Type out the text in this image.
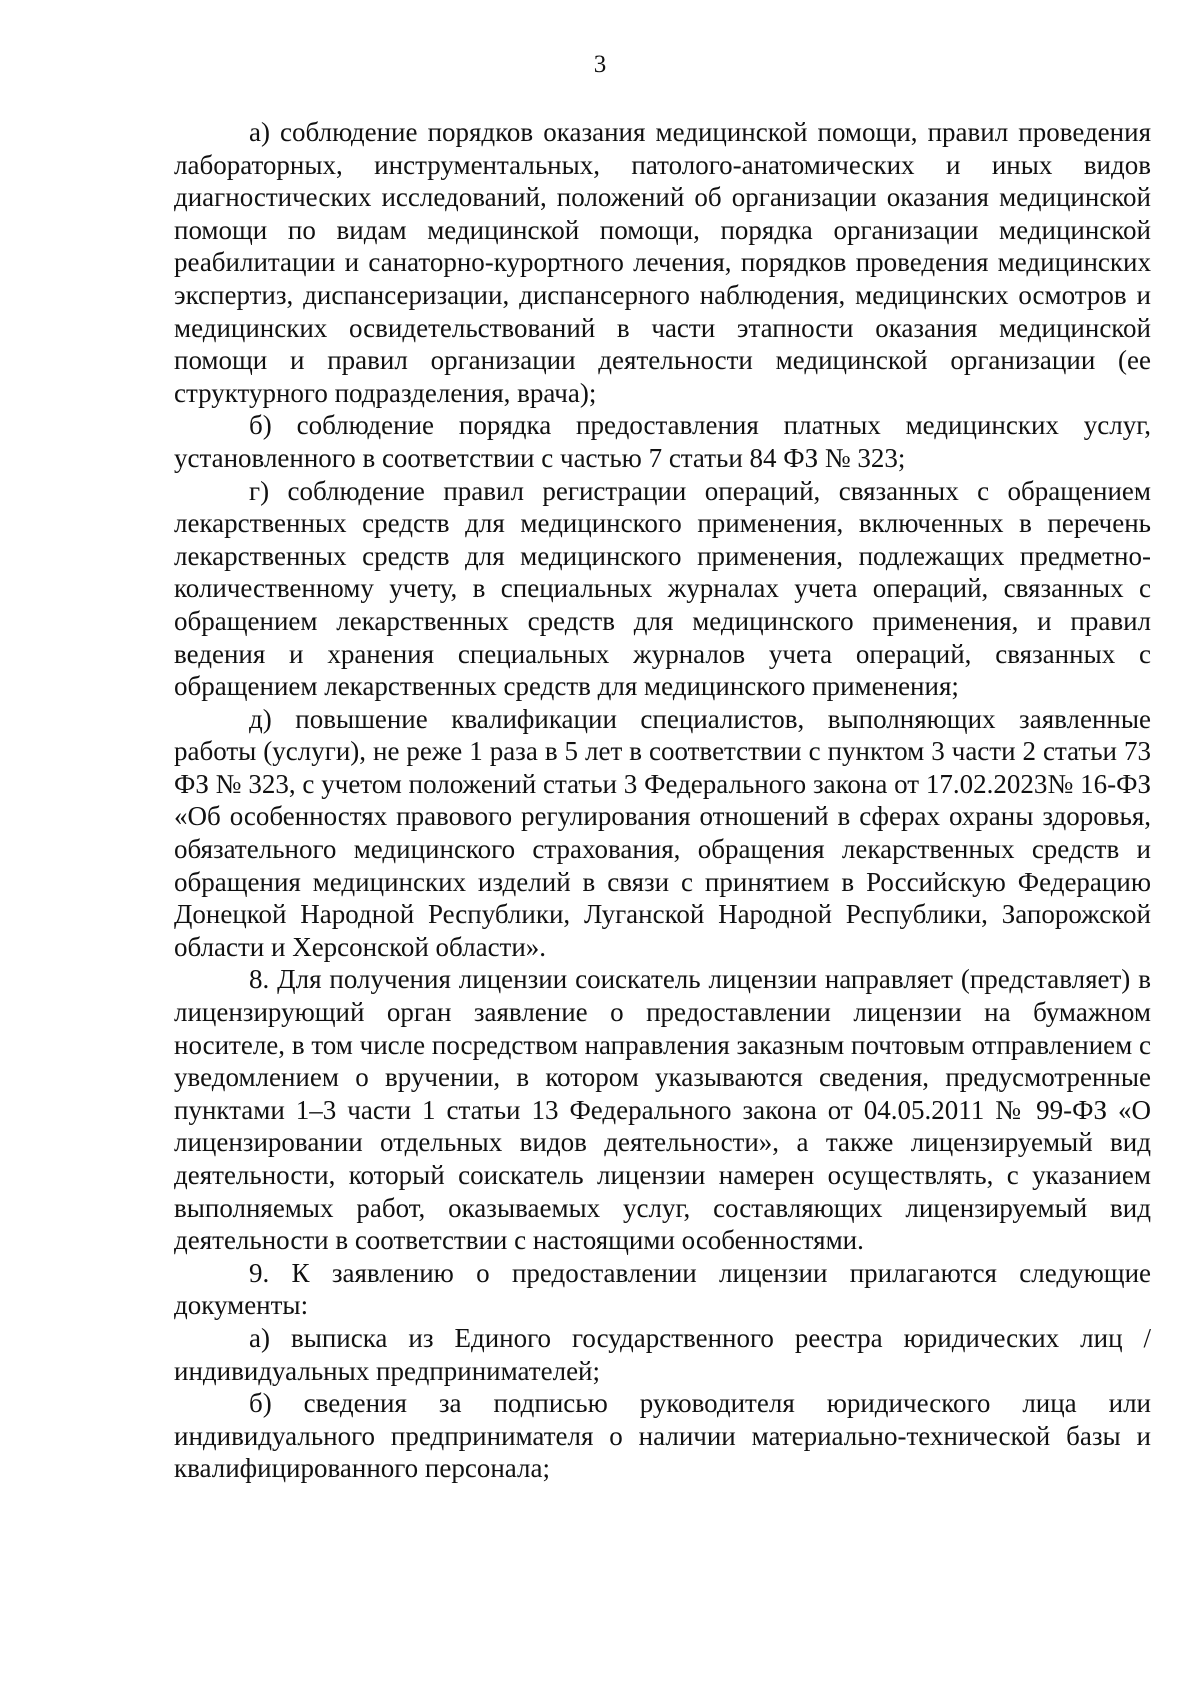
3

а) соблюдение порядков оказания медицинской помощи, правил проведения лабораторных, инструментальных, патолого-анатомических и иных видов диагностических исследований, положений об организации оказания медицинской помощи по видам медицинской помощи, порядка организации медицинской реабилитации и санаторно-курортного лечения, порядков проведения медицинских экспертиз, диспансеризации, диспансерного наблюдения, медицинских осмотров и медицинских освидетельствований в части этапности оказания медицинской помощи и правил организации деятельности медицинской организации (ее структурного подразделения, врача);

б) соблюдение порядка предоставления платных медицинских услуг, установленного в соответствии с частью 7 статьи 84 ФЗ № 323;

г) соблюдение правил регистрации операций, связанных с обращением лекарственных средств для медицинского применения, включенных в перечень лекарственных средств для медицинского применения, подлежащих предметно-количественному учету, в специальных журналах учета операций, связанных с обращением лекарственных средств для медицинского применения, и правил ведения и хранения специальных журналов учета операций, связанных с обращением лекарственных средств для медицинского применения;

д) повышение квалификации специалистов, выполняющих заявленные работы (услуги), не реже 1 раза в 5 лет в соответствии с пунктом 3 части 2 статьи 73 ФЗ № 323, с учетом положений статьи 3 Федерального закона от 17.02.2023№ 16-ФЗ «Об особенностях правового регулирования отношений в сферах охраны здоровья, обязательного медицинского страхования, обращения лекарственных средств и обращения медицинских изделий в связи с принятием в Российскую Федерацию Донецкой Народной Республики, Луганской Народной Республики, Запорожской области и Херсонской области».

8. Для получения лицензии соискатель лицензии направляет (представляет) в лицензирующий орган заявление о предоставлении лицензии на бумажном носителе, в том числе посредством направления заказным почтовым отправлением с уведомлением о вручении, в котором указываются сведения, предусмотренные пунктами 1–3 части 1 статьи 13 Федерального закона от 04.05.2011 № 99-ФЗ «О лицензировании отдельных видов деятельности», а также лицензируемый вид деятельности, который соискатель лицензии намерен осуществлять, с указанием выполняемых работ, оказываемых услуг, составляющих лицензируемый вид деятельности в соответствии с настоящими особенностями.

9. К заявлению о предоставлении лицензии прилагаются следующие документы:

а) выписка из Единого государственного реестра юридических лиц / индивидуальных предпринимателей;

б) сведения за подписью руководителя юридического лица или индивидуального предпринимателя о наличии материально-технической базы и квалифицированного персонала;
